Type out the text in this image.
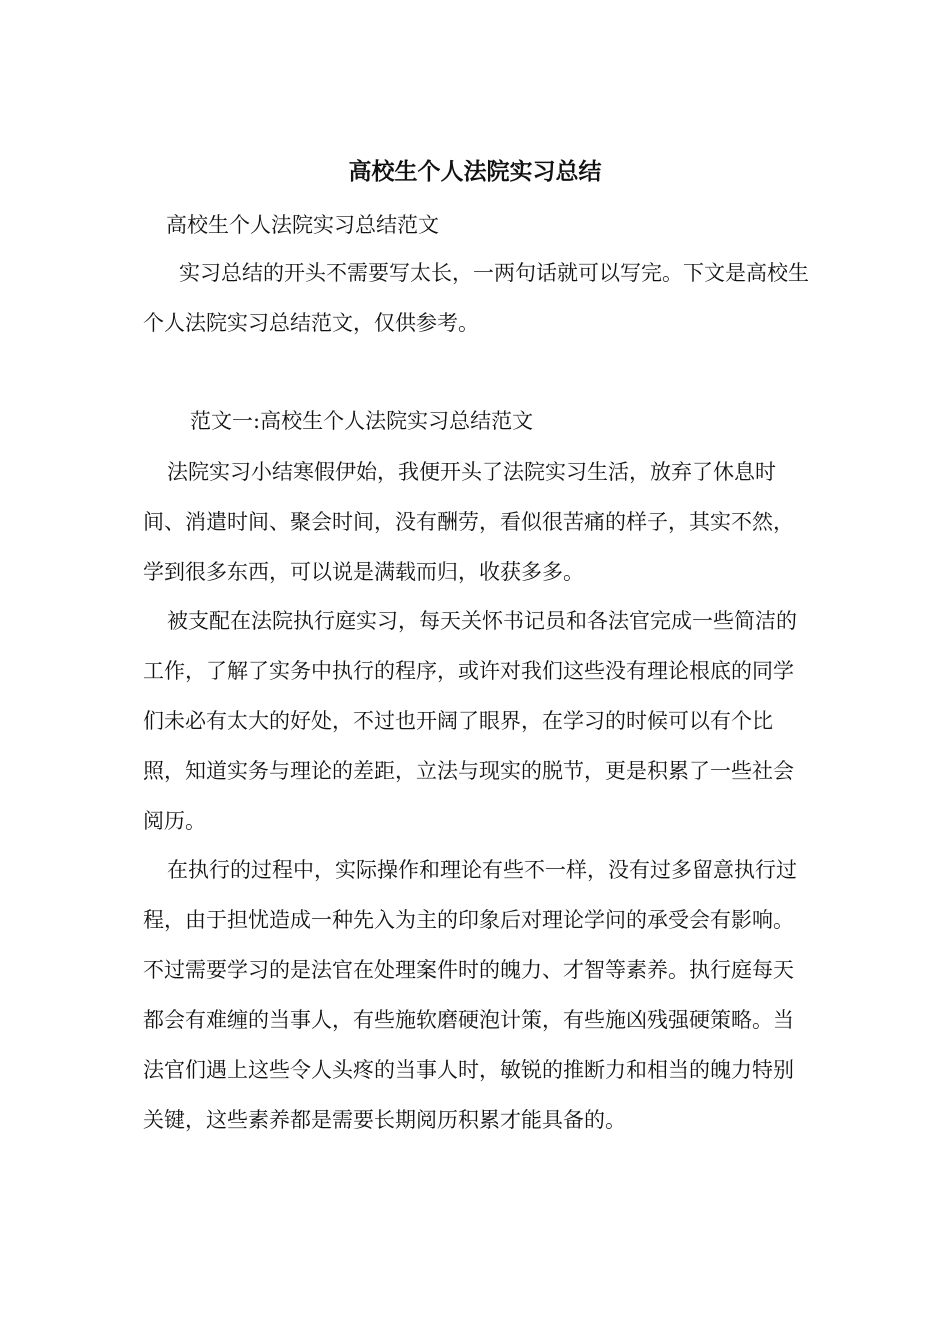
高校生个人法院实习总结

高校生个人法院实习总结范文

实习总结的开头不需要写太长，一两句话就可以写完。下文是高校生个人法院实习总结范文，仅供参考。

范文一:高校生个人法院实习总结范文

法院实习小结寒假伊始，我便开头了法院实习生活，放弃了休息时间、消遣时间、聚会时间，没有酬劳，看似很苦痛的样子，其实不然，学到很多东西，可以说是满载而归，收获多多。

被支配在法院执行庭实习，每天关怀书记员和各法官完成一些简洁的工作，了解了实务中执行的程序，或许对我们这些没有理论根底的同学们未必有太大的好处，不过也开阔了眼界，在学习的时候可以有个比照，知道实务与理论的差距，立法与现实的脱节，更是积累了一些社会阅历。

在执行的过程中，实际操作和理论有些不一样，没有过多留意执行过程，由于担忧造成一种先入为主的印象后对理论学问的承受会有影响。不过需要学习的是法官在处理案件时的魄力、才智等素养。执行庭每天都会有难缠的当事人，有些施软磨硬泡计策，有些施凶残强硬策略。当法官们遇上这些令人头疼的当事人时，敏锐的推断力和相当的魄力特别关键，这些素养都是需要长期阅历积累才能具备的。
